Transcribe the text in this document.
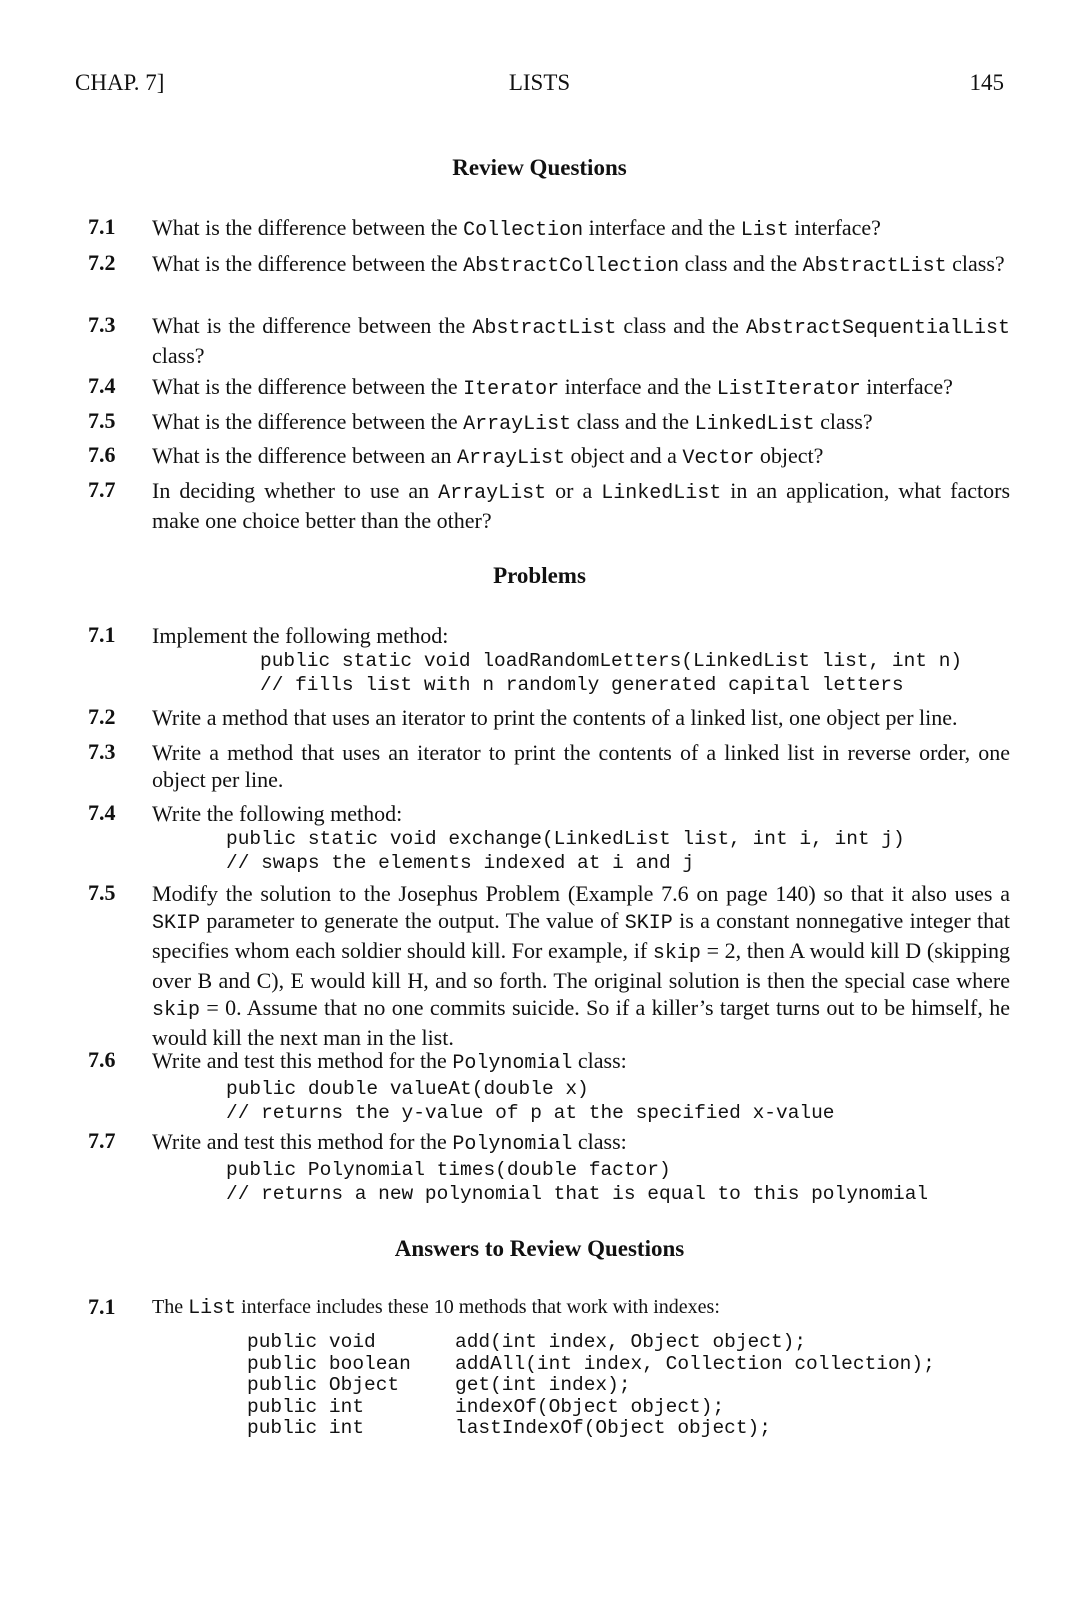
CHAP. 7]	LISTS	145
Review Questions
7.1	What is the difference between the Collection interface and the List interface?
7.2	What is the difference between the AbstractCollection class and the AbstractList class?
7.3	What is the difference between the AbstractList class and the AbstractSequentialList class?
7.4	What is the difference between the Iterator interface and the ListIterator interface?
7.5	What is the difference between the ArrayList class and the LinkedList class?
7.6	What is the difference between an ArrayList object and a Vector object?
7.7	In deciding whether to use an ArrayList or a LinkedList in an application, what factors make one choice better than the other?
Problems
7.1	Implement the following method:
public static void loadRandomLetters(LinkedList list, int n)
// fills list with n randomly generated capital letters
7.2	Write a method that uses an iterator to print the contents of a linked list, one object per line.
7.3	Write a method that uses an iterator to print the contents of a linked list in reverse order, one object per line.
7.4	Write the following method:
public static void exchange(LinkedList list, int i, int j)
// swaps the elements indexed at i and j
7.5	Modify the solution to the Josephus Problem (Example 7.6 on page 140) so that it also uses a SKIP parameter to generate the output. The value of SKIP is a constant nonnegative integer that specifies whom each soldier should kill. For example, if skip = 2, then A would kill D (skipping over B and C), E would kill H, and so forth. The original solution is then the special case where skip = 0. Assume that no one commits suicide. So if a killer’s target turns out to be himself, he would kill the next man in the list.
7.6	Write and test this method for the Polynomial class:
public double valueAt(double x)
// returns the y-value of p at the specified x-value
7.7	Write and test this method for the Polynomial class:
public Polynomial times(double factor)
// returns a new polynomial that is equal to this polynomial
Answers to Review Questions
7.1	The List interface includes these 10 methods that work with indexes:
public void	add(int index, Object object);
public boolean	addAll(int index, Collection collection);
public Object	get(int index);
public int	indexOf(Object object);
public int	lastIndexOf(Object object);
